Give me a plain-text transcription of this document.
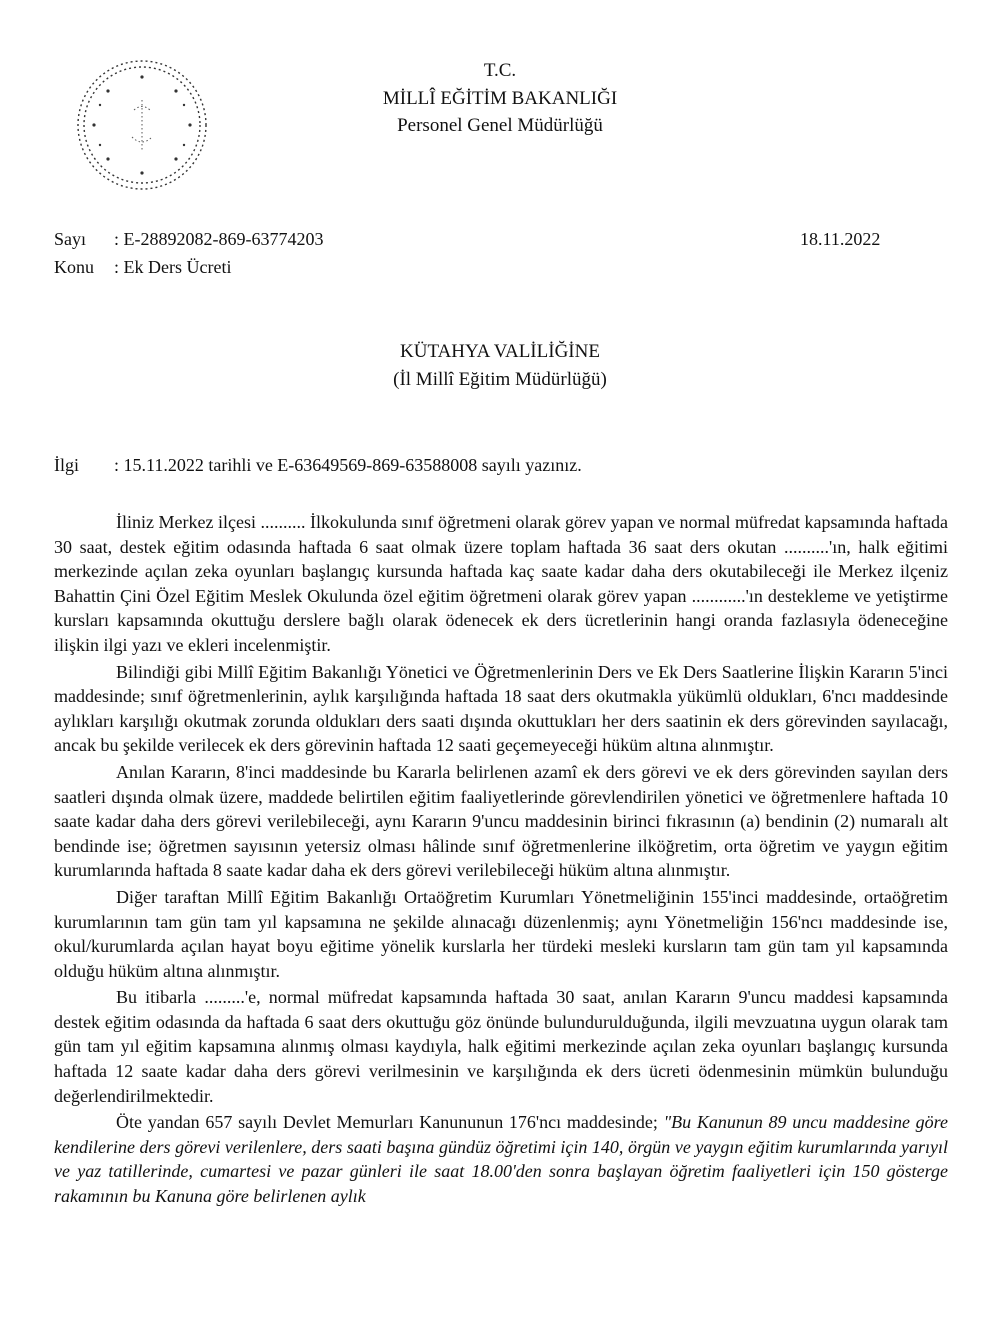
T.C.
MİLLÎ EĞİTİM BAKANLIĞI
Personel Genel Müdürlüğü
Sayı : E-28892082-869-63774203
Konu : Ek Ders Ücreti
18.11.2022
KÜTAHYA VALİLİĞİNE
(İl Millî Eğitim Müdürlüğü)
İlgi : 15.11.2022 tarihli ve E-63649569-869-63588008 sayılı yazınız.

İliniz Merkez ilçesi .......... İlkokulunda sınıf öğretmeni olarak görev yapan ve normal müfredat kapsamında haftada 30 saat, destek eğitim odasında haftada 6 saat olmak üzere toplam haftada 36 saat ders okutan ..........'ın, halk eğitimi merkezinde açılan zeka oyunları başlangıç kursunda haftada kaç saate kadar daha ders okutabileceği ile Merkez ilçeniz Bahattin Çini Özel Eğitim Meslek Okulunda özel eğitim öğretmeni olarak görev yapan ............'ın destekleme ve yetiştirme kursları kapsamında okuttuğu derslere bağlı olarak ödenecek ek ders ücretlerinin hangi oranda fazlasıyla ödeneceğine ilişkin ilgi yazı ve ekleri incelenmiştir.

Bilindiği gibi Millî Eğitim Bakanlığı Yönetici ve Öğretmenlerinin Ders ve Ek Ders Saatlerine İlişkin Kararın 5'inci maddesinde; sınıf öğretmenlerinin, aylık karşılığında haftada 18 saat ders okutmakla yükümlü oldukları, 6'ncı maddesinde aylıkları karşılığı okutmak zorunda oldukları ders saati dışında okuttukları her ders saatinin ek ders görevinden sayılacağı, ancak bu şekilde verilecek ek ders görevinin haftada 12 saati geçemeyeceği hüküm altına alınmıştır.

Anılan Kararın, 8'inci maddesinde bu Kararla belirlenen azamî ek ders görevi ve ek ders görevinden sayılan ders saatleri dışında olmak üzere, maddede belirtilen eğitim faaliyetlerinde görevlendirilen yönetici ve öğretmenlere haftada 10 saate kadar daha ders görevi verilebileceği, aynı Kararın 9'uncu maddesinin birinci fıkrasının (a) bendinin (2) numaralı alt bendinde ise; öğretmen sayısının yetersiz olması hâlinde sınıf öğretmenlerine ilköğretim, orta öğretim ve yaygın eğitim kurumlarında haftada 8 saate kadar daha ek ders görevi verilebileceği hüküm altına alınmıştır.

Diğer taraftan Millî Eğitim Bakanlığı Ortaöğretim Kurumları Yönetmeliğinin 155'inci maddesinde, ortaöğretim kurumlarının tam gün tam yıl kapsamına ne şekilde alınacağı düzenlenmiş; aynı Yönetmeliğin 156'ncı maddesinde ise, okul/kurumlarda açılan hayat boyu eğitime yönelik kurslarla her türdeki mesleki kursların tam gün tam yıl kapsamında olduğu hüküm altına alınmıştır.

Bu itibarla .........'e, normal müfredat kapsamında haftada 30 saat, anılan Kararın 9'uncu maddesi kapsamında destek eğitim odasında da haftada 6 saat ders okuttuğu göz önünde bulundurulduğunda, ilgili mevzuatına uygun olarak tam gün tam yıl eğitim kapsamına alınmış olması kaydıyla, halk eğitimi merkezinde açılan zeka oyunları başlangıç kursunda haftada 12 saate kadar daha ders görevi verilmesinin ve karşılığında ek ders ücreti ödenmesinin mümkün bulunduğu değerlendirilmektedir.

Öte yandan 657 sayılı Devlet Memurları Kanununun 176'ncı maddesinde; "Bu Kanunun 89 uncu maddesine göre kendilerine ders görevi verilenlere, ders saati başına gündüz öğretimi için 140, örgün ve yaygın eğitim kurumlarında yarıyıl ve yaz tatillerinde, cumartesi ve pazar günleri ile saat 18.00'den sonra başlayan öğretim faaliyetleri için 150 gösterge rakamının bu Kanuna göre belirlenen aylık
